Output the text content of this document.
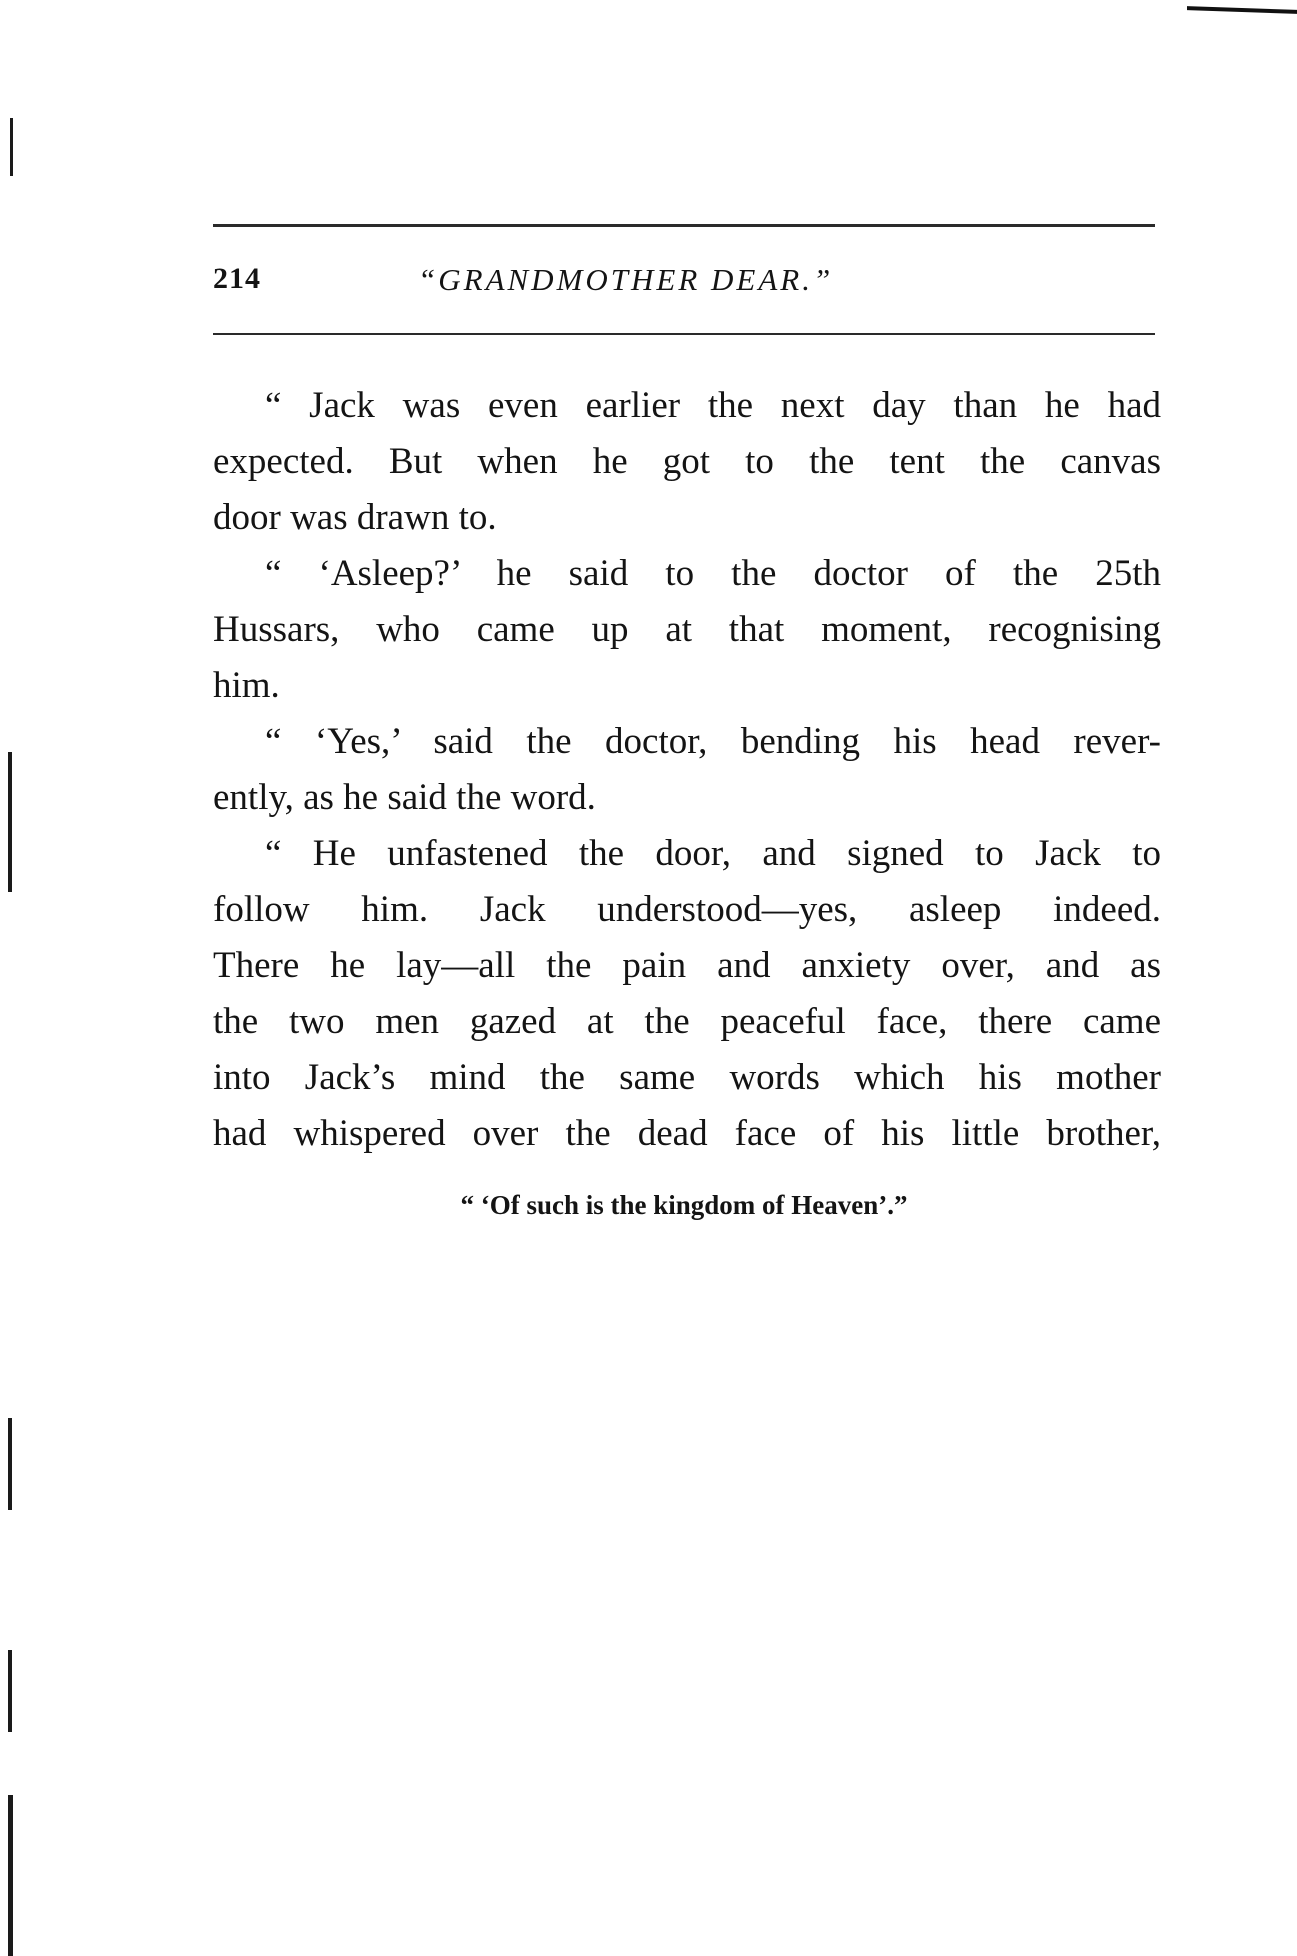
214	“GRANDMOTHER DEAR.”
“ Jack was even earlier the next day than he had
expected. But when he got to the tent the canvas
door was drawn to.
“ ‘Asleep?’ he said to the doctor of the 25th
Hussars, who came up at that moment, recognising
him.
“ ‘Yes,’ said the doctor, bending his head rever-
ently, as he said the word.
“ He unfastened the door, and signed to Jack to
follow him. Jack understood—yes, asleep indeed.
There he lay—all the pain and anxiety over, and as
the two men gazed at the peaceful face, there came
into Jack’s mind the same words which his mother
had whispered over the dead face of his little brother,
“ ‘Of such is the kingdom of Heaven’.”
